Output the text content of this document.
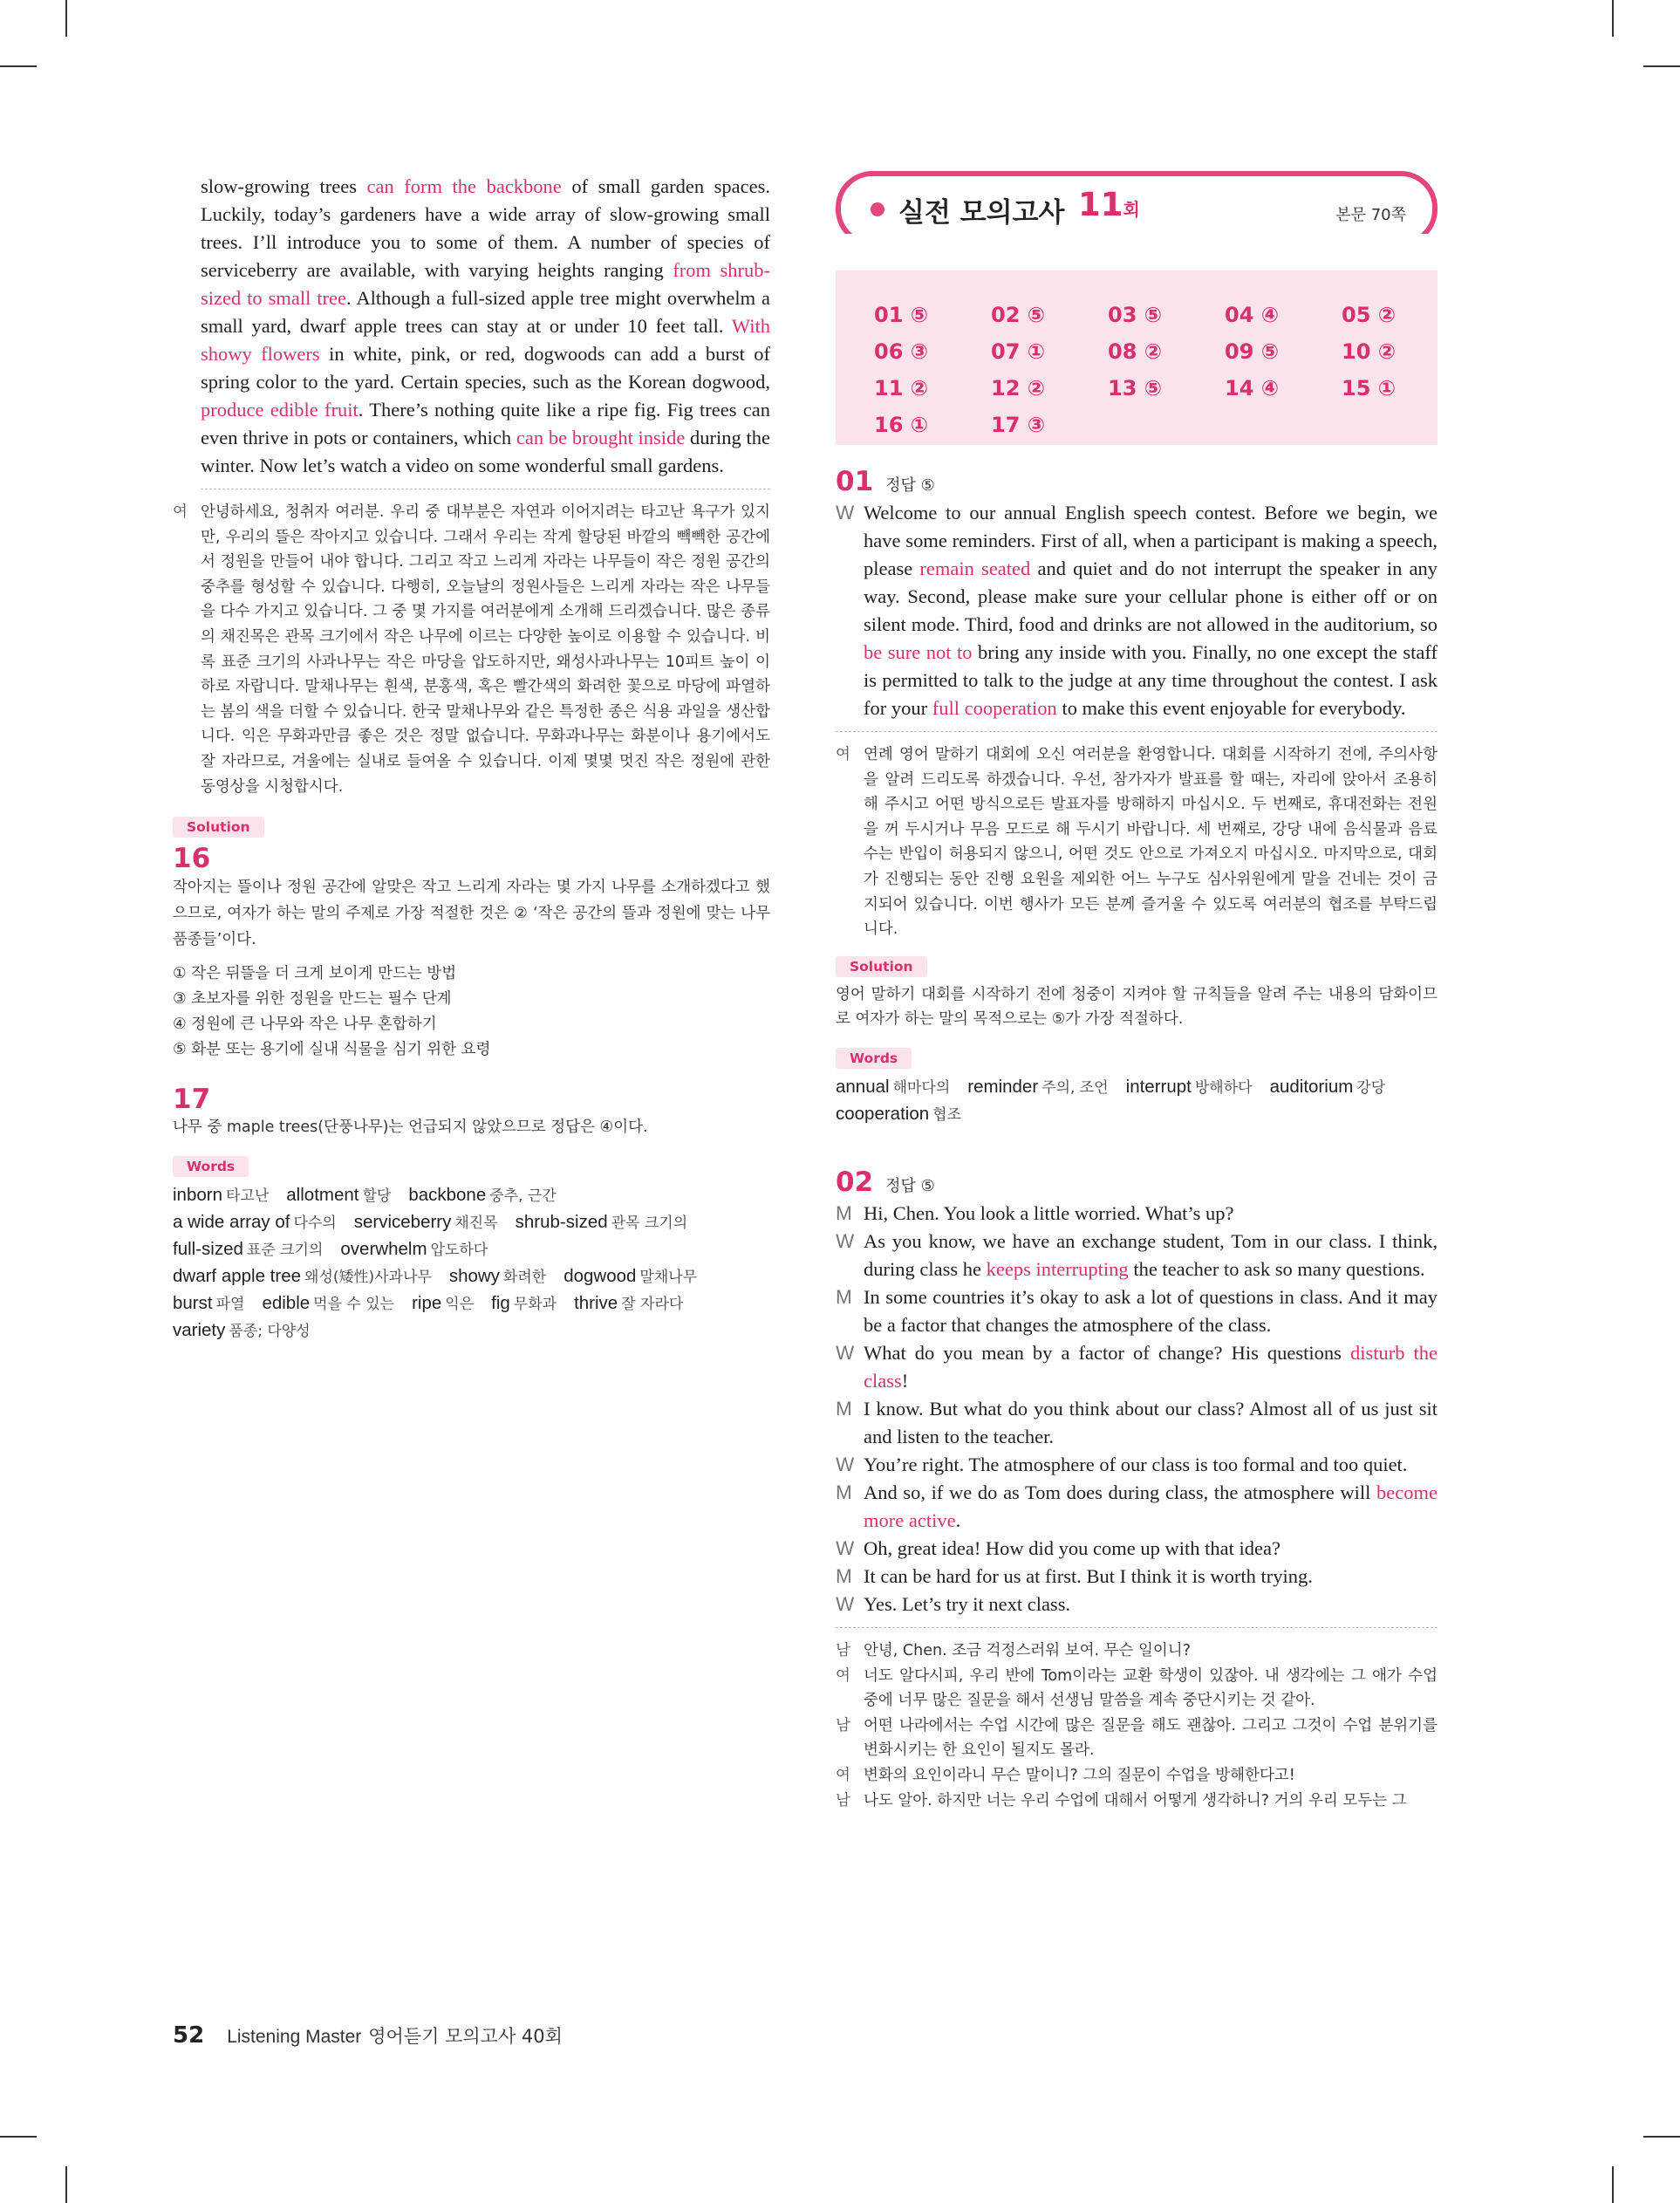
slow-growing trees can form the backbone of small garden spaces. Luckily, today’s gardeners have a wide array of slow-growing small trees. I’ll introduce you to some of them. A number of species of serviceberry are available, with varying heights ranging from shrub-sized to small tree. Although a full-sized apple tree might overwhelm a small yard, dwarf apple trees can stay at or under 10 feet tall. With showy flowers in white, pink, or red, dogwoods can add a burst of spring color to the yard. Certain species, such as the Korean dogwood, produce edible fruit. There’s nothing quite like a ripe fig. Fig trees can even thrive in pots or containers, which can be brought inside during the winter. Now let’s watch a video on some wonderful small gardens.
여 안녕하세요, 청취자 여러분. 우리 중 대부분은 자연과 이어지려는 타고난 욕구가 있지만, 우리의 뜰은 작아지고 있습니다. 그래서 우리는 작게 할당된 바깥의 빽빽한 공간에서 정원을 만들어 내야 합니다. 그리고 작고 느리게 자라는 나무들이 작은 정원 공간의 중추를 형성할 수 있습니다. 다행히, 오늘날의 정원사들은 느리게 자라는 작은 나무들을 다수 가지고 있습니다. 그 중 몇 가지를 여러분에게 소개해 드리겠습니다. 많은 종류의 채진목은 관목 크기에서 작은 나무에 이르는 다양한 높이로 이용할 수 있습니다. 비록 표준 크기의 사과나무는 작은 마당을 압도하지만, 왜성사과나무는 10피트 높이 이하로 자랍니다. 말채나무는 흰색, 분홍색, 혹은 빨간색의 화려한 꽃으로 마당에 파열하는 봄의 색을 더할 수 있습니다. 한국 말채나무와 같은 특정한 종은 식용 과일을 생산합니다. 익은 무화과만큼 좋은 것은 정말 없습니다. 무화과나무는 화분이나 용기에서도 잘 자라므로, 겨울에는 실내로 들여올 수 있습니다. 이제 몇몇 멋진 작은 정원에 관한 동영상을 시청합시다.
Solution
16
작아지는 뜰이나 정원 공간에 알맞은 작고 느리게 자라는 몇 가지 나무를 소개하겠다고 했으므로, 여자가 하는 말의 주제로 가장 적절한 것은 ② ‘작은 공간의 뜰과 정원에 맞는 나무 품종들’이다.
① 작은 뒤뜰을 더 크게 보이게 만드는 방법
③ 초보자를 위한 정원을 만드는 필수 단계
④ 정원에 큰 나무와 작은 나무 혼합하기
⑤ 화분 또는 용기에 실내 식물을 심기 위한 요령
17
나무 중 maple trees(단풍나무)는 언급되지 않았으므로 정답은 ④이다.
Words
inborn 타고난 allotment 할당 backbone 중추, 근간
a wide array of 다수의 serviceberry 채진목 shrub-sized 관목 크기의
full-sized 표준 크기의 overwhelm 압도하다
dwarf apple tree 왜성(矮性)사과나무 showy 화려한 dogwood 말채나무
burst 파열 edible 먹을 수 있는 ripe 익은 fig 무화과 thrive 잘 자라다
variety 품종; 다양성
실전 모의고사 11회	본문 70쪽
01 ⑤	02 ⑤	03 ⑤	04 ④	05 ②
06 ③	07 ①	08 ②	09 ⑤	10 ②
11 ②	12 ②	13 ⑤	14 ④	15 ①
16 ①	17 ③
01 정답 ⑤
W Welcome to our annual English speech contest. Before we begin, we have some reminders. First of all, when a participant is making a speech, please remain seated and quiet and do not interrupt the speaker in any way. Second, please make sure your cellular phone is either off or on silent mode. Third, food and drinks are not allowed in the auditorium, so be sure not to bring any inside with you. Finally, no one except the staff is permitted to talk to the judge at any time throughout the contest. I ask for your full cooperation to make this event enjoyable for everybody.
여 연례 영어 말하기 대회에 오신 여러분을 환영합니다. 대회를 시작하기 전에, 주의사항을 알려 드리도록 하겠습니다. 우선, 참가자가 발표를 할 때는, 자리에 앉아서 조용히 해 주시고 어떤 방식으로든 발표자를 방해하지 마십시오. 두 번째로, 휴대전화는 전원을 꺼 두시거나 무음 모드로 해 두시기 바랍니다. 세 번째로, 강당 내에 음식물과 음료수는 반입이 허용되지 않으니, 어떤 것도 안으로 가져오지 마십시오. 마지막으로, 대회가 진행되는 동안 진행 요원을 제외한 어느 누구도 심사위원에게 말을 건네는 것이 금지되어 있습니다. 이번 행사가 모든 분께 즐거울 수 있도록 여러분의 협조를 부탁드립니다.
Solution
영어 말하기 대회를 시작하기 전에 청중이 지켜야 할 규칙들을 알려 주는 내용의 담화이므로 여자가 하는 말의 목적으로는 ⑤가 가장 적절하다.
Words
annual 해마다의 reminder 주의, 조언 interrupt 방해하다 auditorium 강당
cooperation 협조
02 정답 ⑤
M Hi, Chen. You look a little worried. What’s up?
W As you know, we have an exchange student, Tom in our class. I think, during class he keeps interrupting the teacher to ask so many questions.
M In some countries it’s okay to ask a lot of questions in class. And it may be a factor that changes the atmosphere of the class.
W What do you mean by a factor of change? His questions disturb the class!
M I know. But what do you think about our class? Almost all of us just sit and listen to the teacher.
W You’re right. The atmosphere of our class is too formal and too quiet.
M And so, if we do as Tom does during class, the atmosphere will become more active.
W Oh, great idea! How did you come up with that idea?
M It can be hard for us at first. But I think it is worth trying.
W Yes. Let’s try it next class.
남 안녕, Chen. 조금 걱정스러워 보여. 무슨 일이니?
여 너도 알다시피, 우리 반에 Tom이라는 교환 학생이 있잖아. 내 생각에는 그 애가 수업 중에 너무 많은 질문을 해서 선생님 말씀을 계속 중단시키는 것 같아.
남 어떤 나라에서는 수업 시간에 많은 질문을 해도 괜찮아. 그리고 그것이 수업 분위기를 변화시키는 한 요인이 될지도 몰라.
여 변화의 요인이라니 무슨 말이니? 그의 질문이 수업을 방해한다고!
남 나도 알아. 하지만 너는 우리 수업에 대해서 어떻게 생각하니? 거의 우리 모두는 그
52 Listening Master 영어듣기 모의고사 40회
